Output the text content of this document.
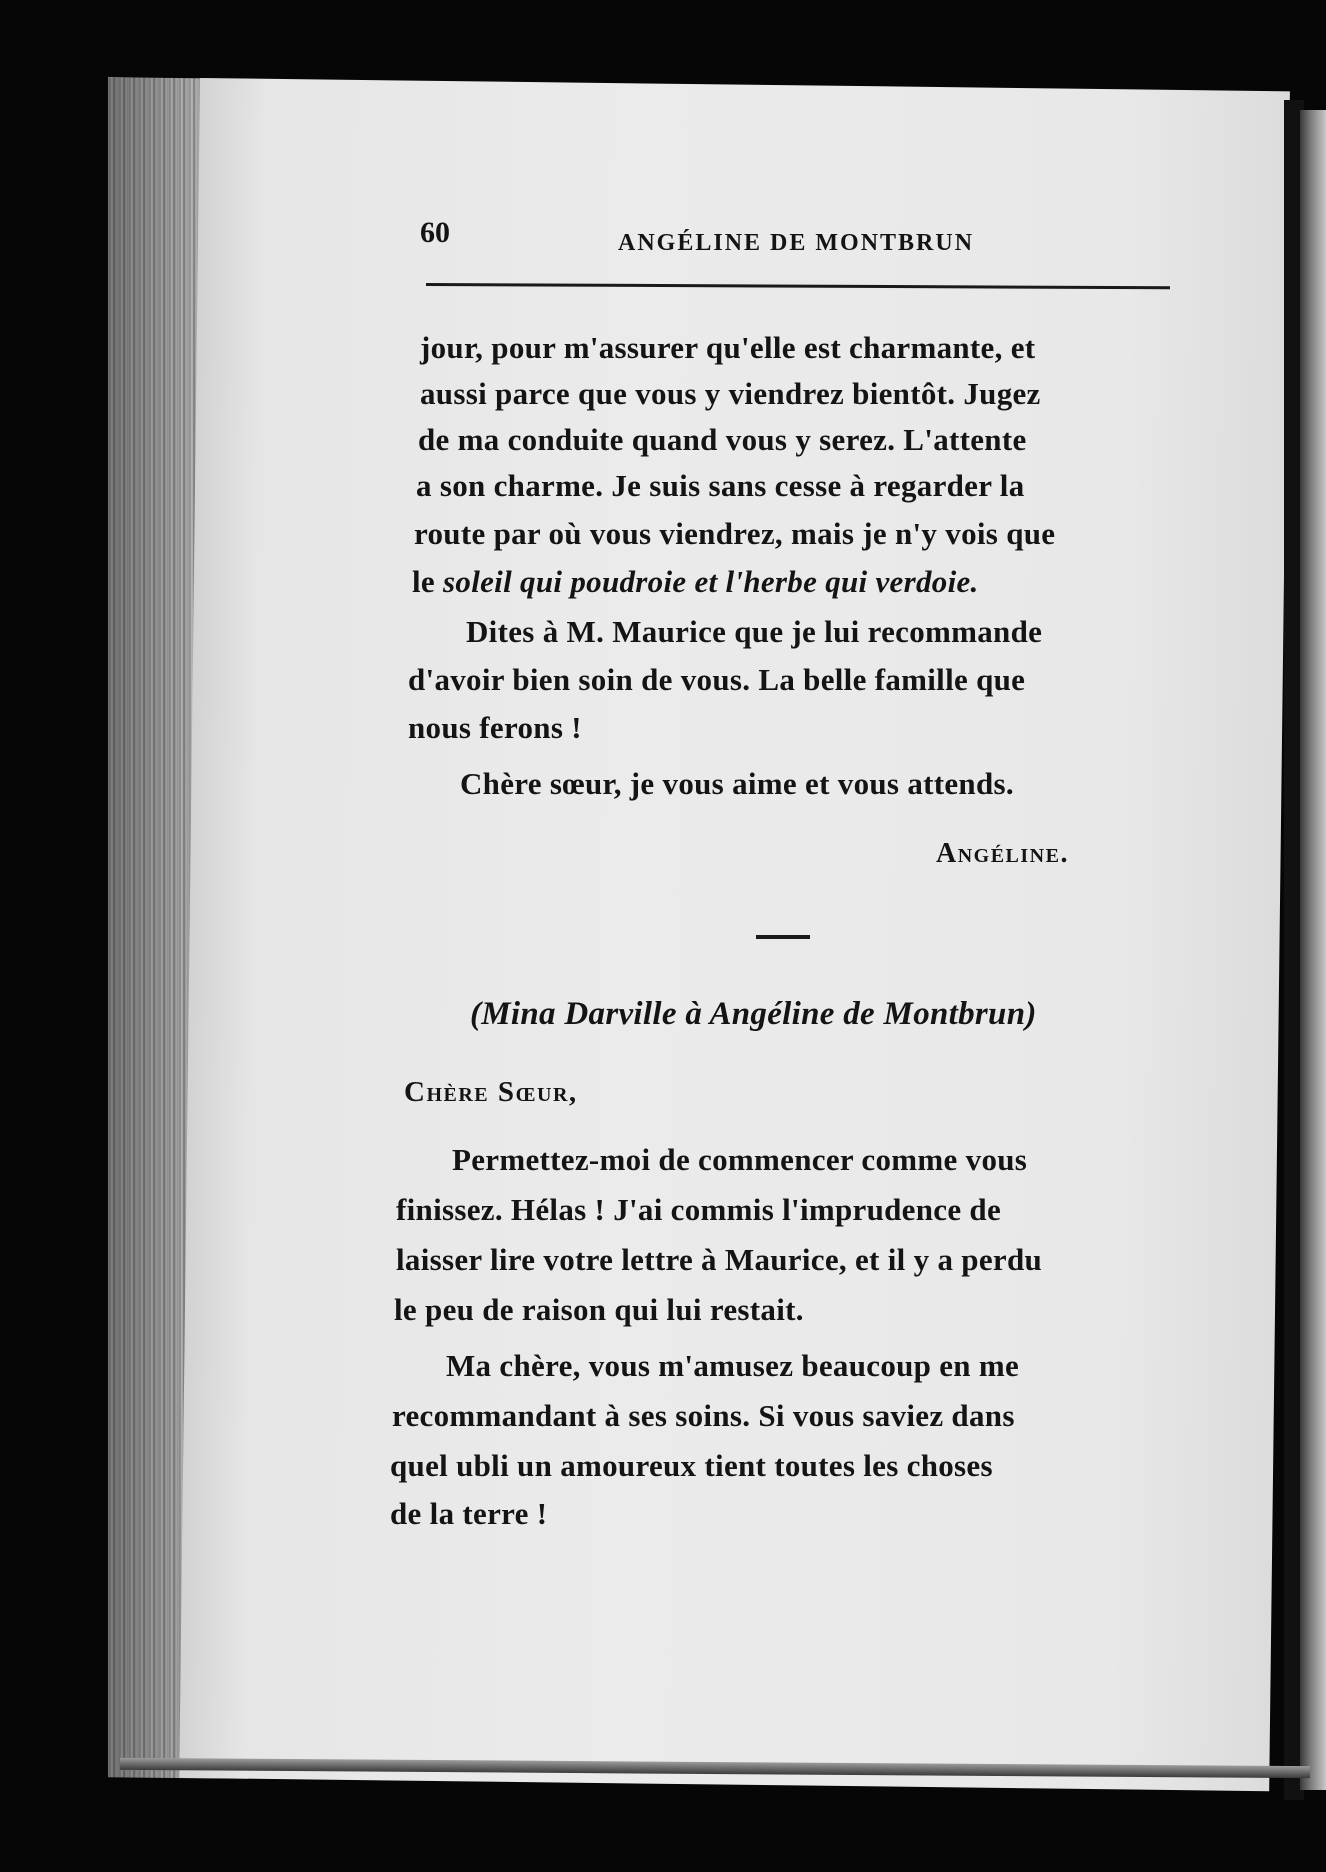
60	ANGÉLINE DE MONTBRUN
jour, pour m'assurer qu'elle est charmante, et
aussi parce que vous y viendrez bientôt. Jugez
de ma conduite quand vous y serez. L'attente
a son charme. Je suis sans cesse à regarder la
route par où vous viendrez, mais je n'y vois que
le soleil qui poudroie et l'herbe qui verdoie.
Dites à M. Maurice que je lui recommande
d'avoir bien soin de vous. La belle famille que
nous ferons !
Chère sœur, je vous aime et vous attends.
Angéline.
(Mina Darville à Angéline de Montbrun)
Chère Sœur,
Permettez-moi de commencer comme vous
finissez. Hélas ! J'ai commis l'imprudence de
laisser lire votre lettre à Maurice, et il y a perdu
le peu de raison qui lui restait.
Ma chère, vous m'amusez beaucoup en me
recommandant à ses soins. Si vous saviez dans
quel ubli un amoureux tient toutes les choses
de la terre !
